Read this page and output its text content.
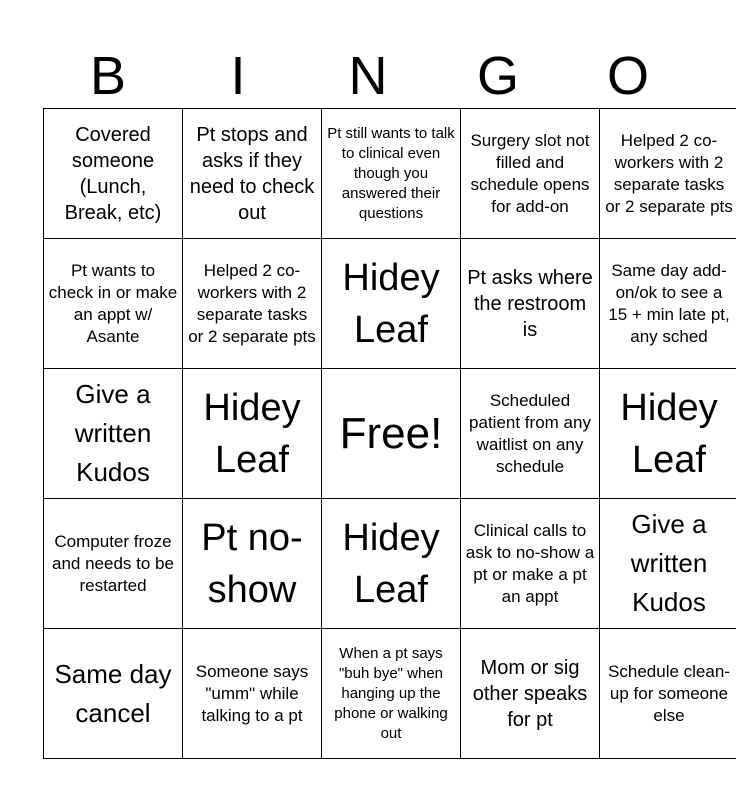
B	I	N	G	O
Covered someone (Lunch, Break, etc)	Pt stops and asks if they need to check out	Pt still wants to talk to clinical even though you answered their questions	Surgery slot not filled and schedule opens for add-on	Helped 2 co-workers with 2 separate tasks or 2 separate pts
Pt wants to check in or make an appt w/ Asante	Helped 2 co-workers with 2 separate tasks or 2 separate pts	Hidey Leaf	Pt asks where the restroom is	Same day add-on/ok to see a 15 + min late pt, any sched
Give a written Kudos	Hidey Leaf	Free!	Scheduled patient from any waitlist on any schedule	Hidey Leaf
Computer froze and needs to be restarted	Pt no-show	Hidey Leaf	Clinical calls to ask to no-show a pt or make a pt an appt	Give a written Kudos
Same day cancel	Someone says "umm" while talking to a pt	When a pt says "buh bye" when hanging up the phone or walking out	Mom or sig other speaks for pt	Schedule clean-up for someone else
